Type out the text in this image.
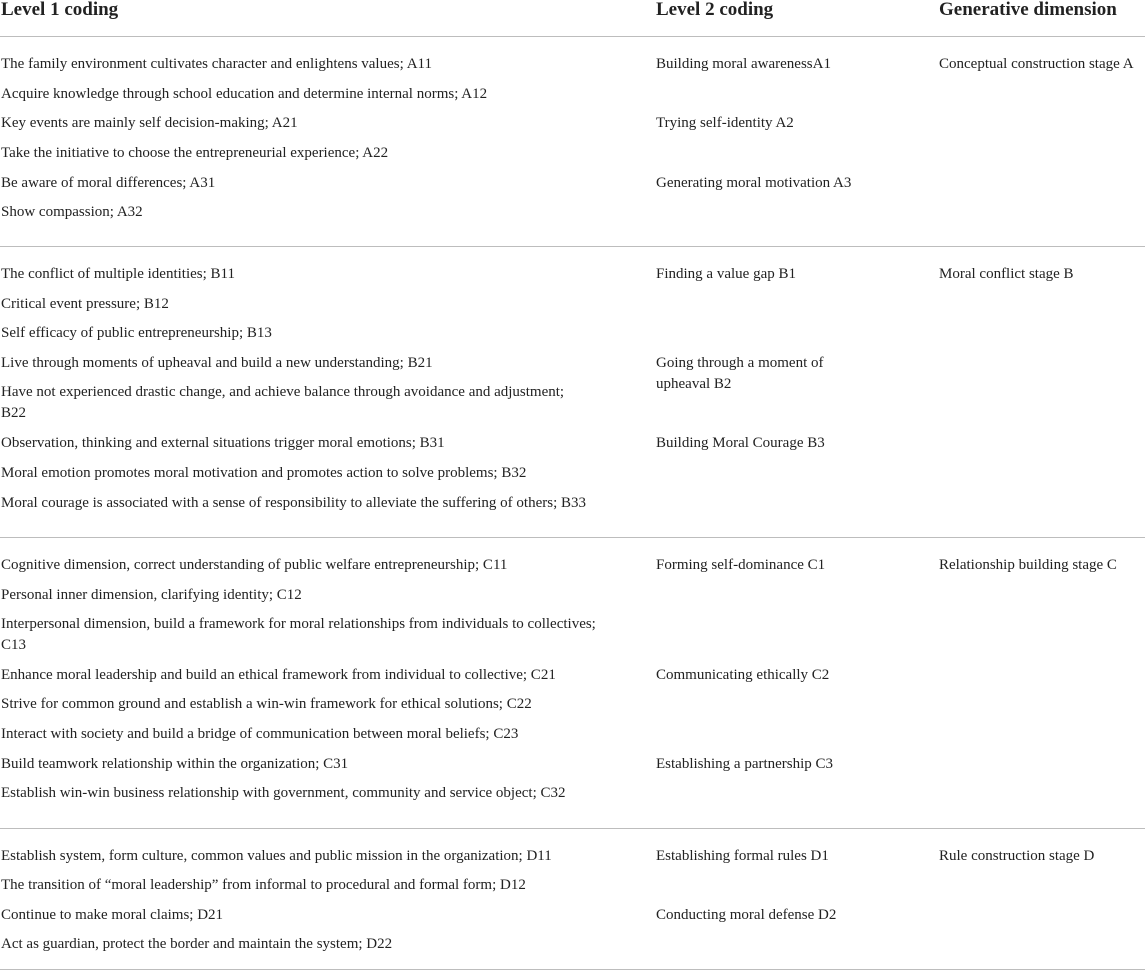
Level 1 coding	Level 2 coding	Generative dimension
The family environment cultivates character and enlightens values; A11
Acquire knowledge through school education and determine internal norms; A12
Key events are mainly self decision-making; A21
Take the initiative to choose the entrepreneurial experience; A22
Be aware of moral differences; A31
Show compassion; A32
Building moral awarenessA1
Trying self-identity A2
Generating moral motivation A3
Conceptual construction stage A
The conflict of multiple identities; B11
Critical event pressure; B12
Self efficacy of public entrepreneurship; B13
Live through moments of upheaval and build a new understanding; B21
Have not experienced drastic change, and achieve balance through avoidance and adjustment; B22
Observation, thinking and external situations trigger moral emotions; B31
Moral emotion promotes moral motivation and promotes action to solve problems; B32
Moral courage is associated with a sense of responsibility to alleviate the suffering of others; B33
Finding a value gap B1
Going through a moment of upheaval B2
Building Moral Courage B3
Moral conflict stage B
Cognitive dimension, correct understanding of public welfare entrepreneurship; C11
Personal inner dimension, clarifying identity; C12
Interpersonal dimension, build a framework for moral relationships from individuals to collectives; C13
Enhance moral leadership and build an ethical framework from individual to collective; C21
Strive for common ground and establish a win-win framework for ethical solutions; C22
Interact with society and build a bridge of communication between moral beliefs; C23
Build teamwork relationship within the organization; C31
Establish win-win business relationship with government, community and service object; C32
Forming self-dominance C1
Communicating ethically C2
Establishing a partnership C3
Relationship building stage C
Establish system, form culture, common values and public mission in the organization; D11
The transition of “moral leadership” from informal to procedural and formal form; D12
Continue to make moral claims; D21
Act as guardian, protect the border and maintain the system; D22
Establishing formal rules D1
Conducting moral defense D2
Rule construction stage D
